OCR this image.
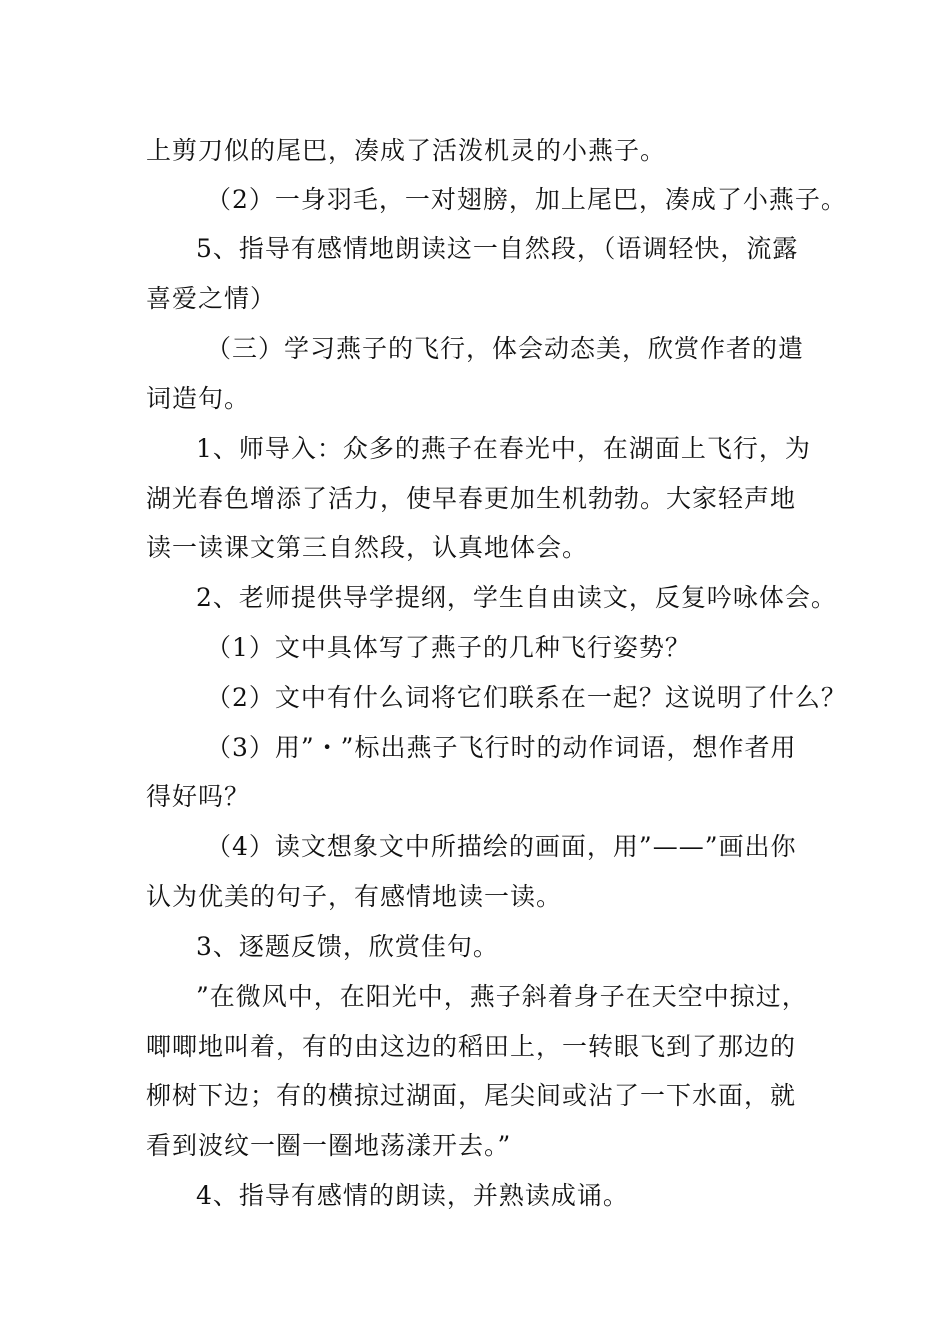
上剪刀似的尾巴，凑成了活泼机灵的小燕子。
（2）一身羽毛，一对翅膀，加上尾巴，凑成了小燕子。
5、指导有感情地朗读这一自然段，（语调轻快，流露
喜爱之情）
（三）学习燕子的飞行，体会动态美，欣赏作者的遣
词造句。
1、师导入：众多的燕子在春光中，在湖面上飞行，为
湖光春色增添了活力，使早春更加生机勃勃。大家轻声地
读一读课文第三自然段，认真地体会。
2、老师提供导学提纲，学生自由读文，反复吟咏体会。
（1）文中具体写了燕子的几种飞行姿势？
（2）文中有什么词将它们联系在一起？这说明了什么？
（3）用”・”标出燕子飞行时的动作词语，想作者用
得好吗？
（4）读文想象文中所描绘的画面，用”——”画出你
认为优美的句子，有感情地读一读。
3、逐题反馈，欣赏佳句。
”在微风中，在阳光中，燕子斜着身子在天空中掠过，
唧唧地叫着，有的由这边的稻田上，一转眼飞到了那边的
柳树下边；有的横掠过湖面，尾尖间或沾了一下水面，就
看到波纹一圈一圈地荡漾开去。”
4、指导有感情的朗读，并熟读成诵。
